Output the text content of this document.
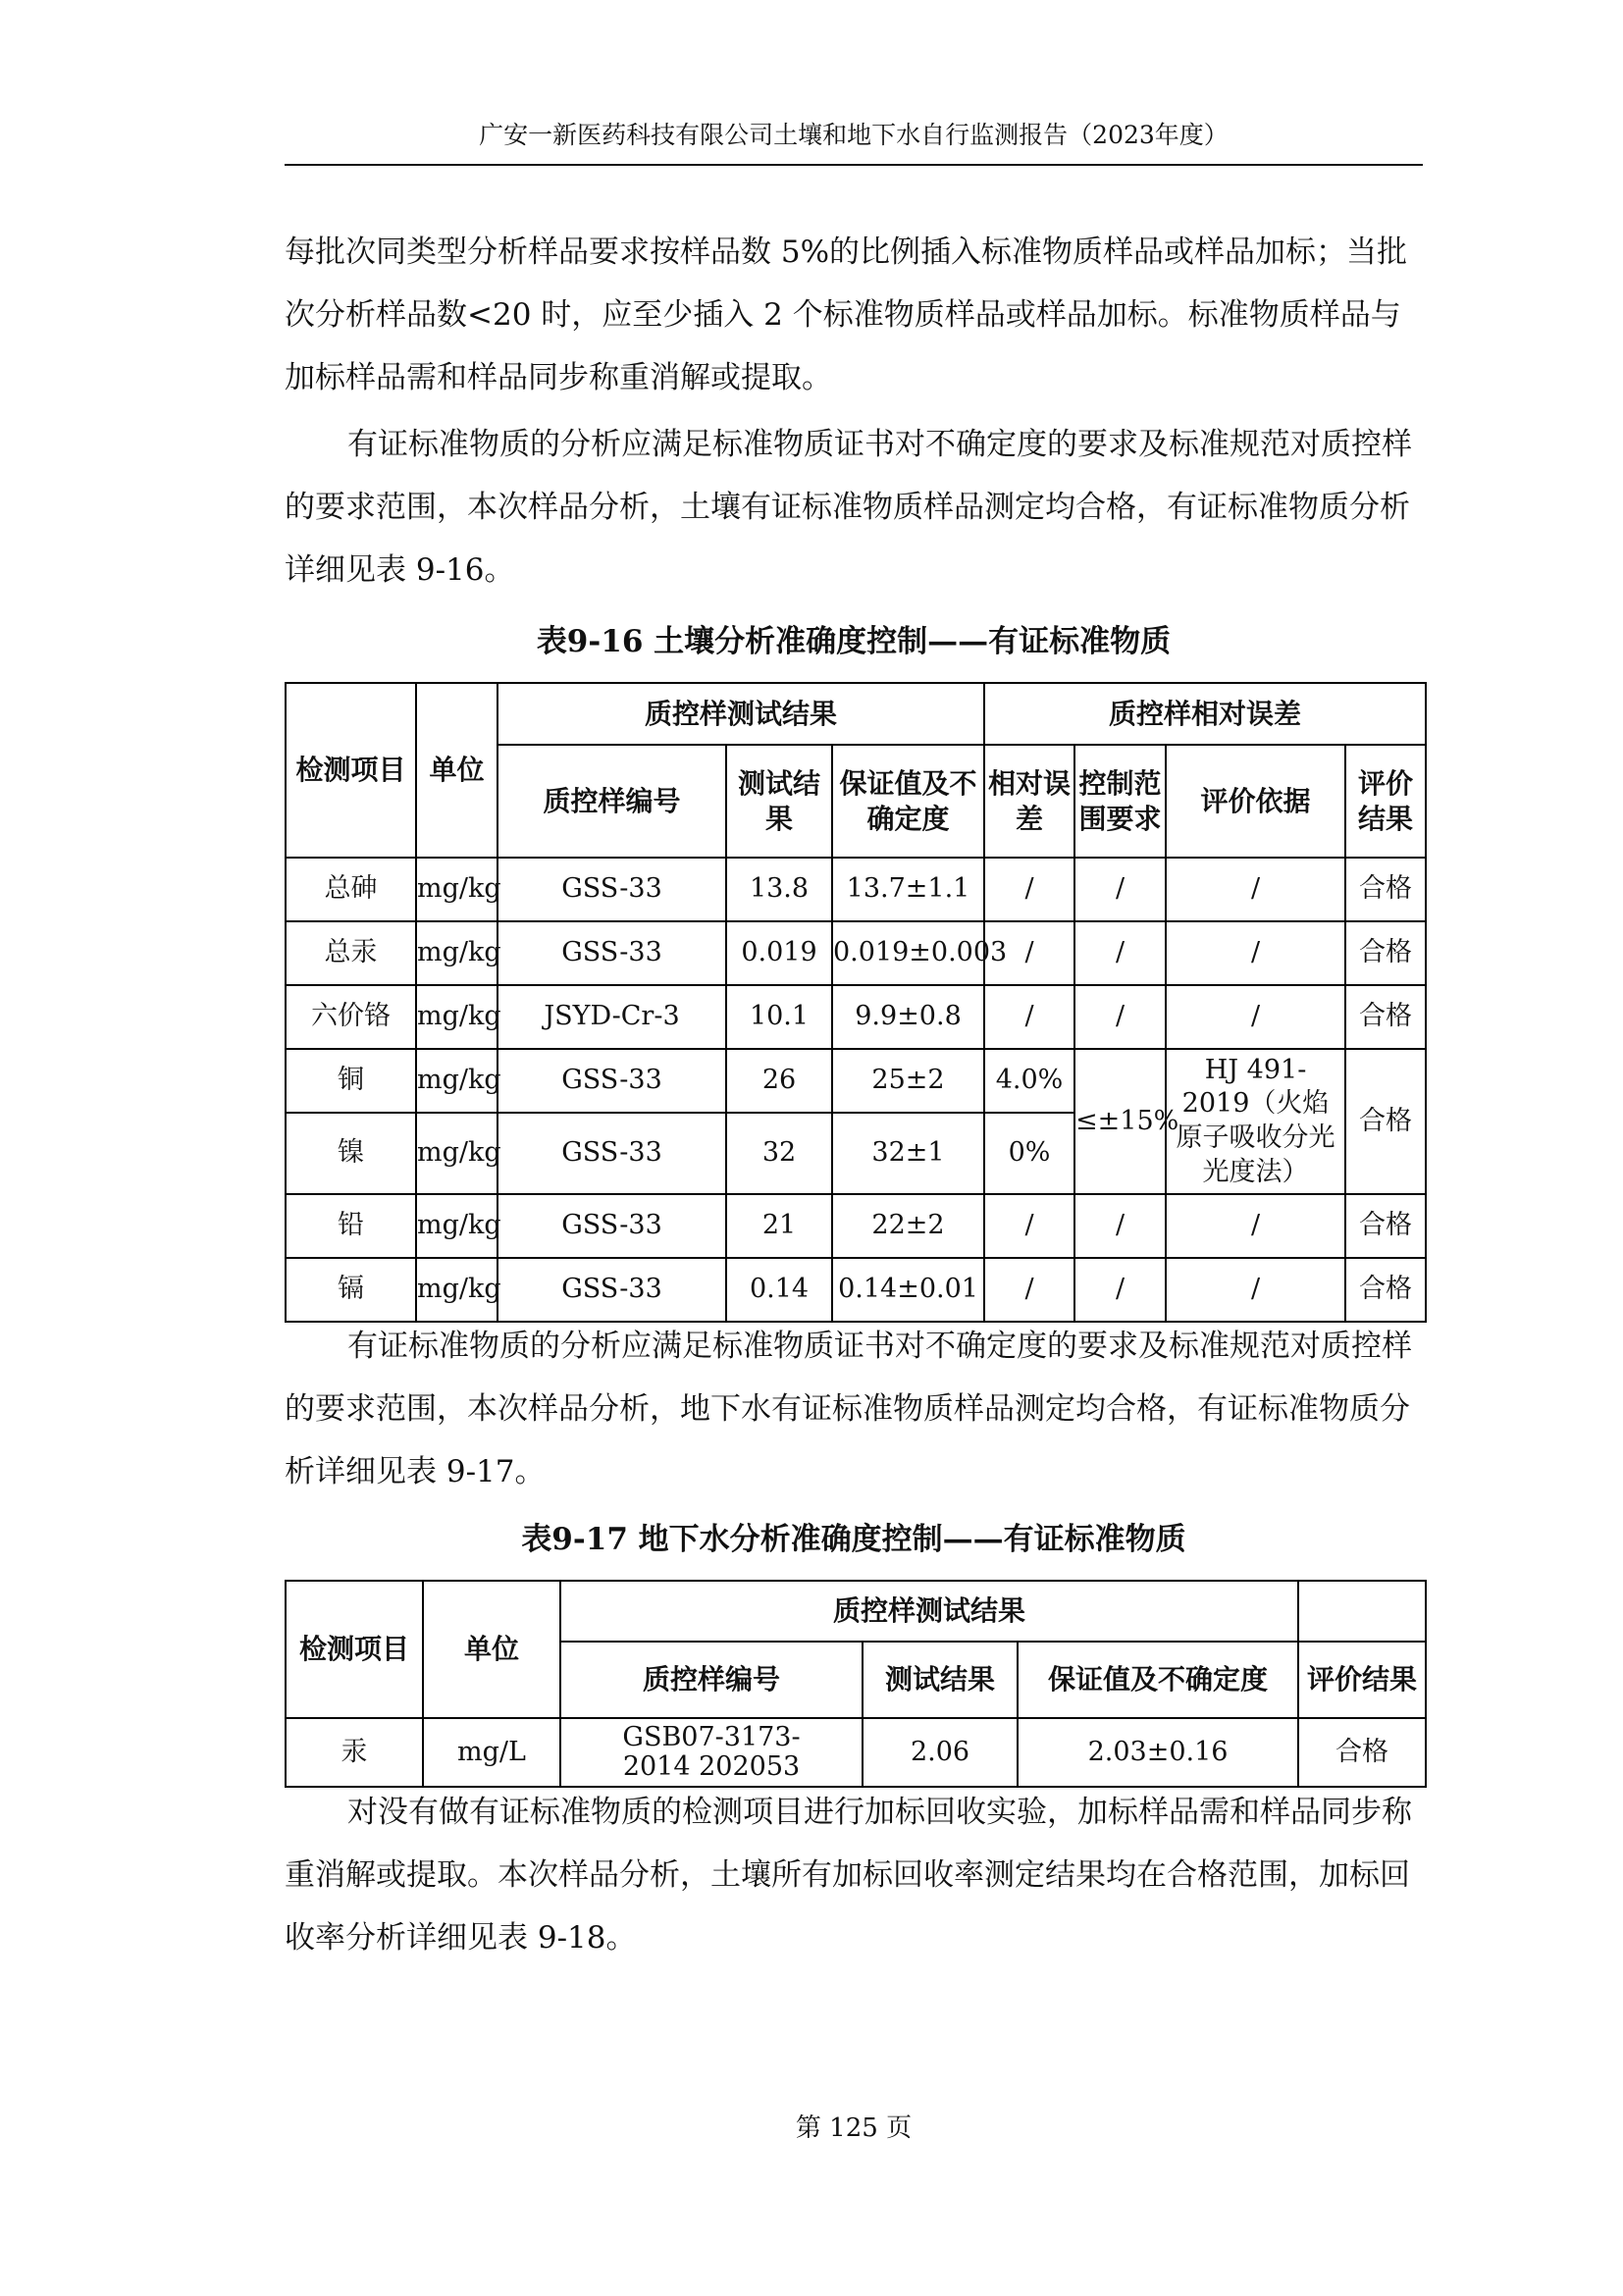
广安一新医药科技有限公司土壤和地下水自行监测报告（2023年度）
每批次同类型分析样品要求按样品数 5%的比例插入标准物质样品或样品加标；当批次分析样品数<20 时，应至少插入 2 个标准物质样品或样品加标。标准物质样品与加标样品需和样品同步称重消解或提取。
有证标准物质的分析应满足标准物质证书对不确定度的要求及标准规范对质控样的要求范围，本次样品分析，土壤有证标准物质样品测定均合格，有证标准物质分析详细见表 9-16。
表9-16 土壤分析准确度控制——有证标准物质
检测项目	单位	质控样测试结果			质控样相对误差			
		质控样编号	测试结果	保证值及不确定度	相对误差	控制范围要求	评价依据	评价结果
总砷	mg/kg	GSS-33	13.8	13.7±1.1	/	/	/	合格
总汞	mg/kg	GSS-33	0.019	0.019±0.003	/	/	/	合格
六价铬	mg/kg	JSYD-Cr-3	10.1	9.9±0.8	/	/	/	合格
铜	mg/kg	GSS-33	26	25±2	4.0%	≤±15%	HJ 491-2019（火焰原子吸收分光光度法）	合格
镍	mg/kg	GSS-33	32	32±1	0%			
铅	mg/kg	GSS-33	21	22±2	/	/	/	合格
镉	mg/kg	GSS-33	0.14	0.14±0.01	/	/	/	合格
有证标准物质的分析应满足标准物质证书对不确定度的要求及标准规范对质控样的要求范围，本次样品分析，地下水有证标准物质样品测定均合格，有证标准物质分析详细见表 9-17。
表9-17 地下水分析准确度控制——有证标准物质
检测项目	单位	质控样测试结果			
		质控样编号	测试结果	保证值及不确定度	评价结果
汞	mg/L	GSB07-3173-2014 202053	2.06	2.03±0.16	合格
对没有做有证标准物质的检测项目进行加标回收实验，加标样品需和样品同步称重消解或提取。本次样品分析，土壤所有加标回收率测定结果均在合格范围，加标回收率分析详细见表 9-18。
第 125 页
